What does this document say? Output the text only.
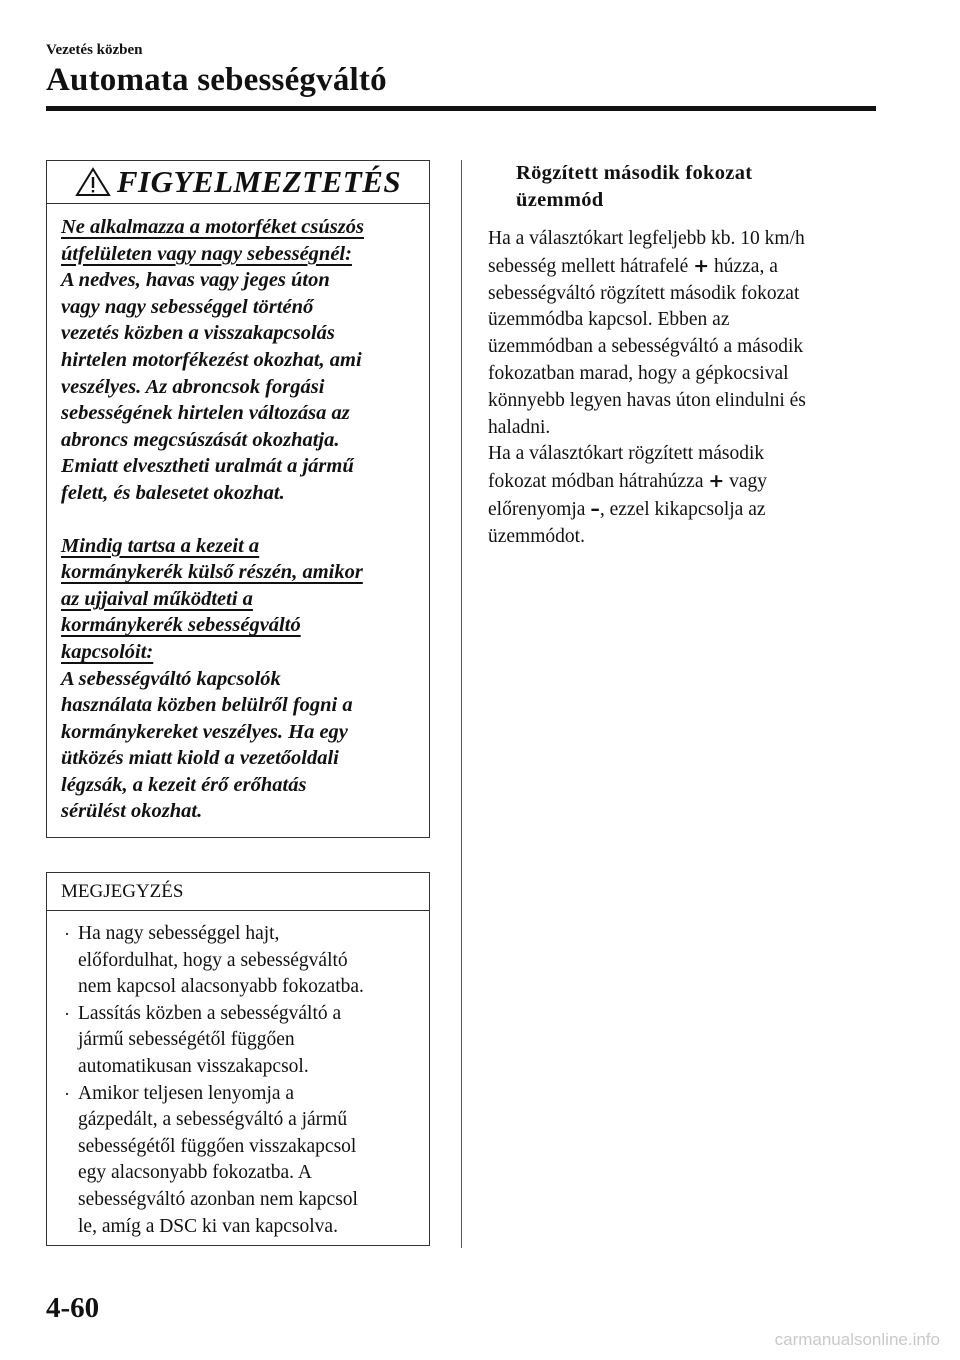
Vezetés közben
Automata sebességváltó
FIGYELMEZTETÉS

Ne alkalmazza a motorféket csúszós

útfelületen vagy nagy sebességnél:

A nedves, havas vagy jeges úton

vagy nagy sebességgel történő

vezetés közben a visszakapcsolás

hirtelen motorfékezést okozhat, ami

veszélyes. Az abroncsok forgási

sebességének hirtelen változása az

abroncs megcsúszását okozhatja.

Emiatt elvesztheti uralmát a jármű

felett, és balesetet okozhat.

Mindig tartsa a kezeit a

kormánykerék külső részén, amikor

az ujjaival működteti a

kormánykerék sebességváltó

kapcsolóit:

A sebességváltó kapcsolók

használata közben belülről fogni a

kormánykereket veszélyes. Ha egy

ütközés miatt kiold a vezetőoldali

légzsák, a kezeit érő erőhatás

sérülést okozhat.

MEGJEGYZÉS
· Ha nagy sebességgel hajt,
előfordulhat, hogy a sebességváltó
nem kapcsol alacsonyabb fokozatba.
· Lassítás közben a sebességváltó a
jármű sebességétől függően
automatikusan visszakapcsol.
· Amikor teljesen lenyomja a
gázpedált, a sebességváltó a jármű
sebességétől függően visszakapcsol
egy alacsonyabb fokozatba. A
sebességváltó azonban nem kapcsol
le, amíg a DSC ki van kapcsolva.
Rögzített második fokozat
üzemmód

Ha a választókart legfeljebb kb. 10 km/h

sebesség mellett hátrafelé + húzza, a

sebességváltó rögzített második fokozat

üzemmódba kapcsol. Ebben az

üzemmódban a sebességváltó a második

fokozatban marad, hogy a gépkocsival

könnyebb legyen havas úton elindulni és

haladni.

Ha a választókart rögzített második

fokozat módban hátrahúzza + vagy

előrenyomja –, ezzel kikapcsolja az

üzemmódot.

4-60
carmanualsonline.info
